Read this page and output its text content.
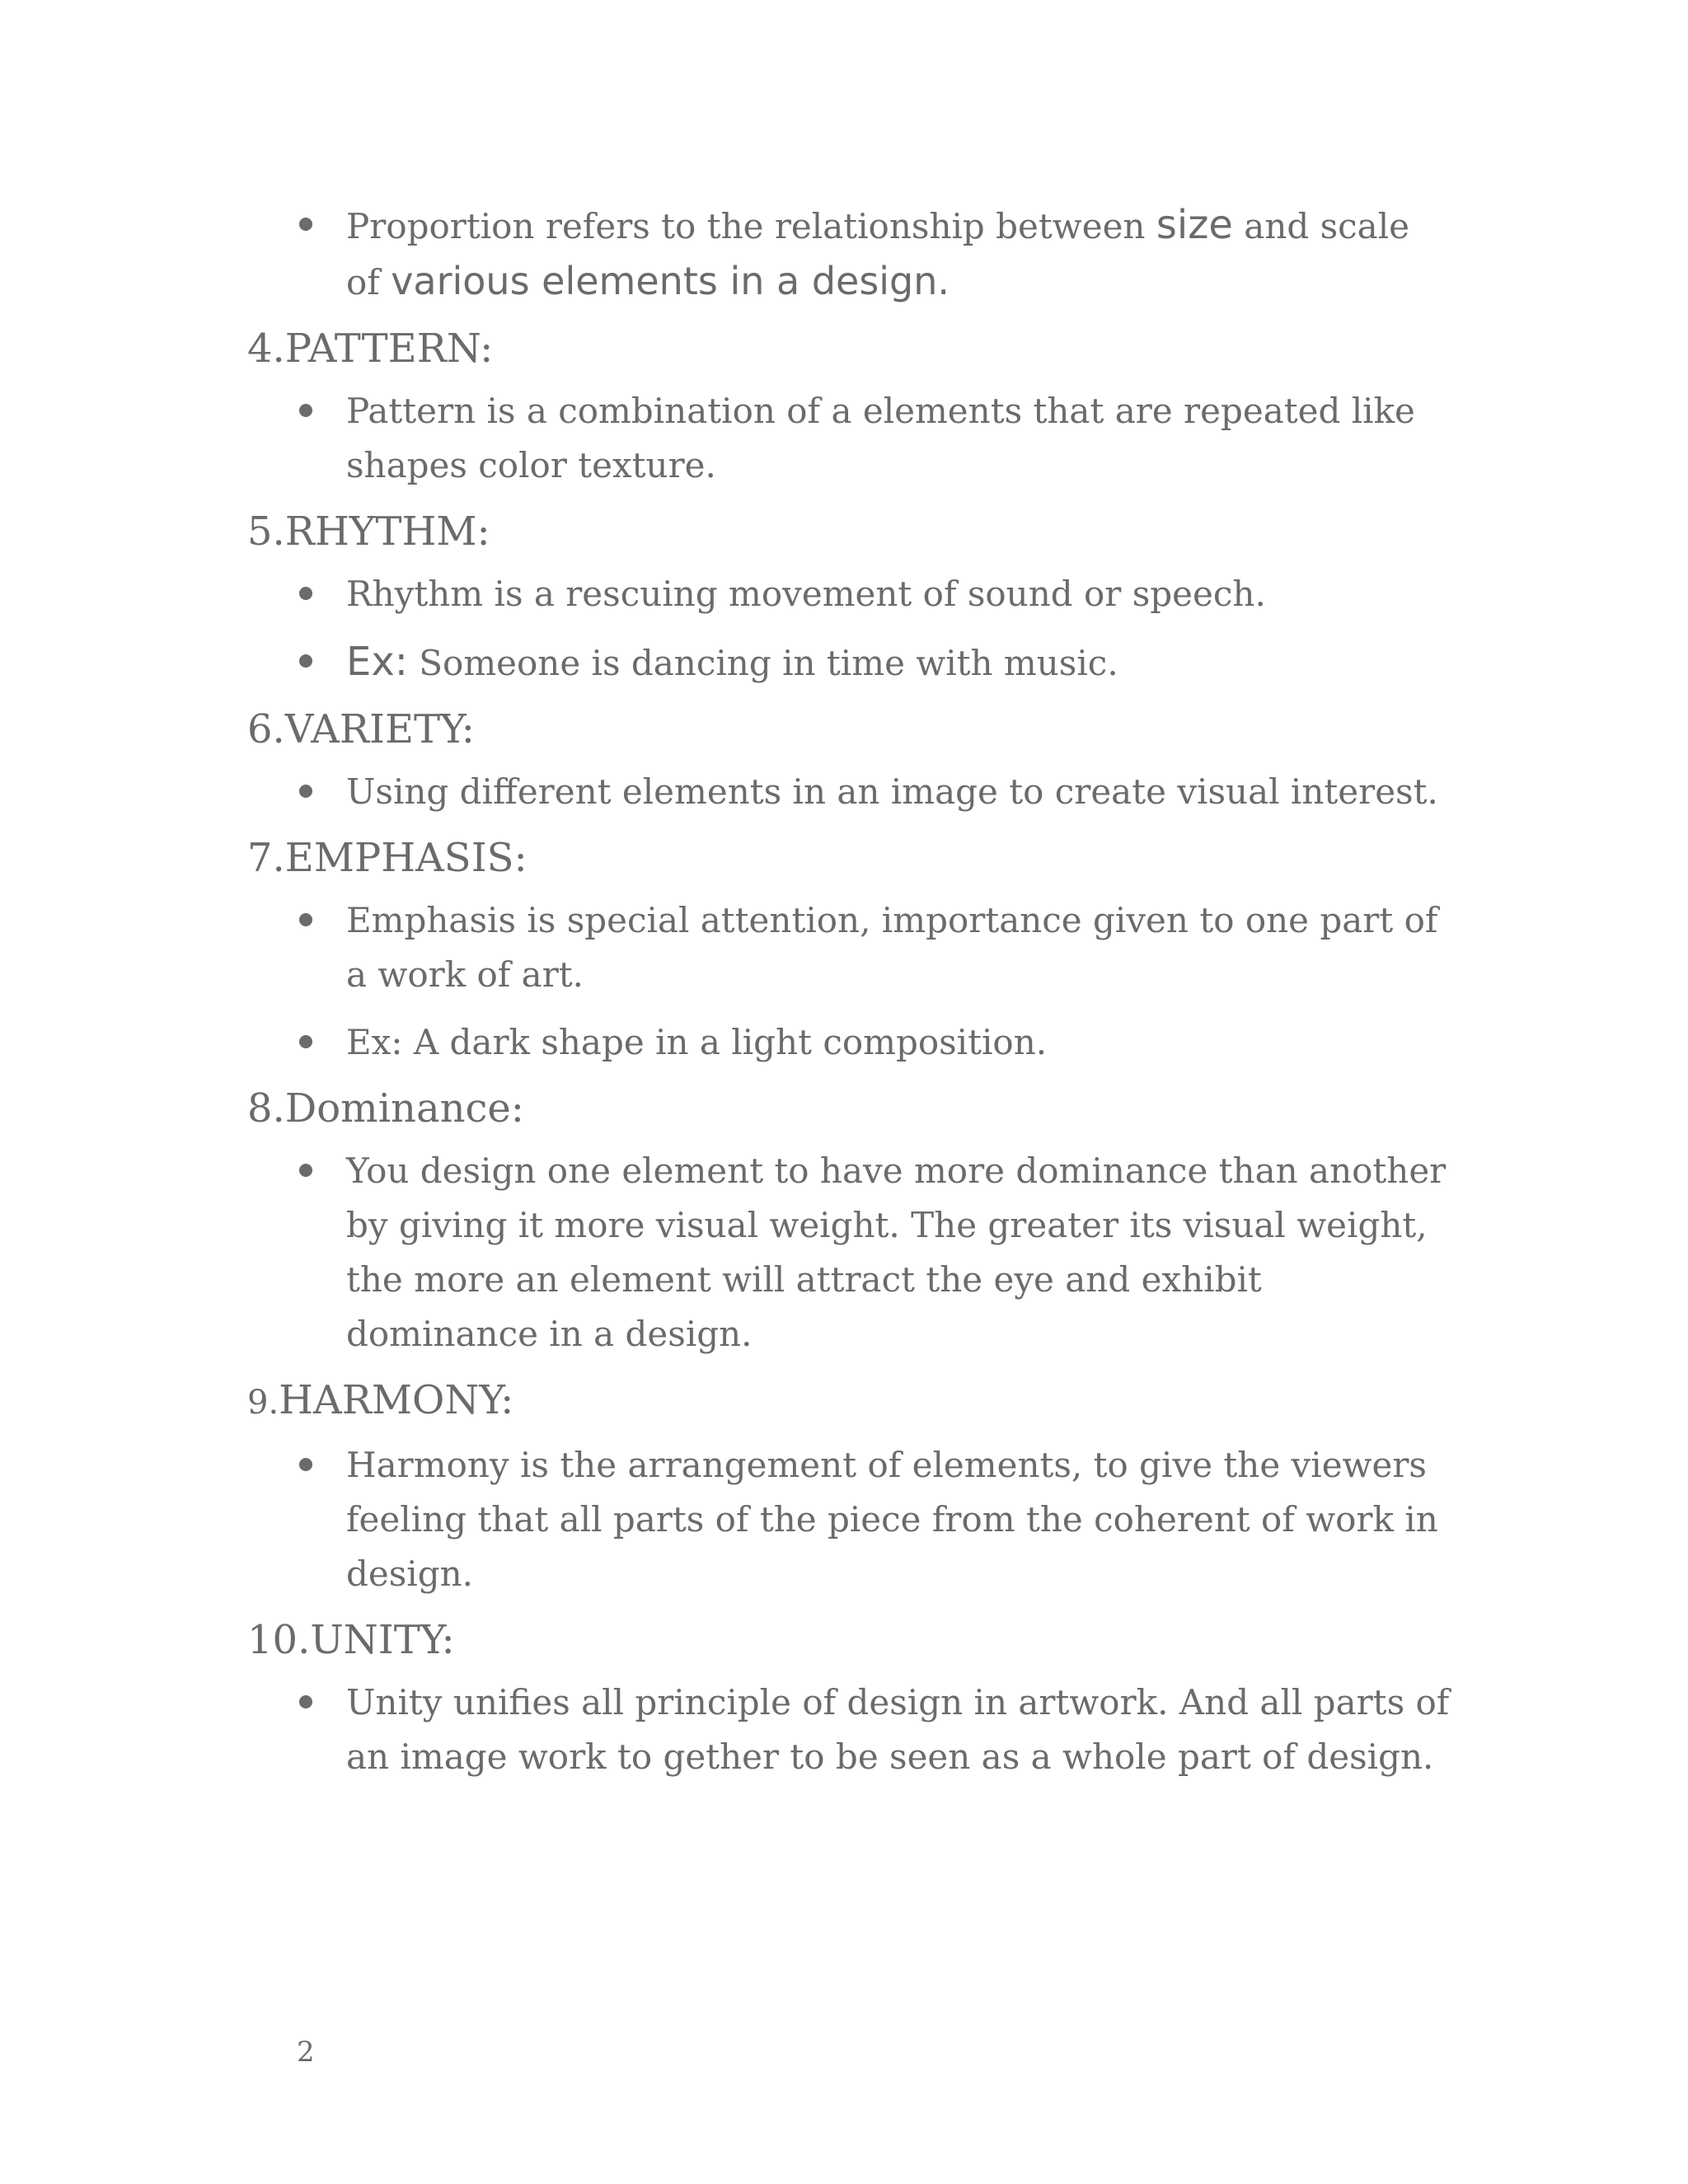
Proportion refers to the relationship between size and scale of various elements in a design.
4.PATTERN:
Pattern is a combination of a elements that are repeated like shapes color texture.
5.RHYTHM:
Rhythm is a rescuing movement of sound or speech.
Ex: Someone is dancing in time with music.
6.VARIETY:
Using different elements in an image to create visual interest.
7.EMPHASIS:
Emphasis is special attention, importance given to one part of a work of art.
Ex: A dark shape in a light composition.
8.Dominance:
You design one element to have more dominance than another by giving it more visual weight. The greater its visual weight, the more an element will attract the eye and exhibit dominance in a design.
9.HARMONY:
Harmony is the arrangement of elements, to give the viewers feeling that all parts of the piece from the coherent of work in design.
10.UNITY:
Unity unifies all principle of design in artwork. And all parts of an image work to gether to be seen as a whole part of design.
2
